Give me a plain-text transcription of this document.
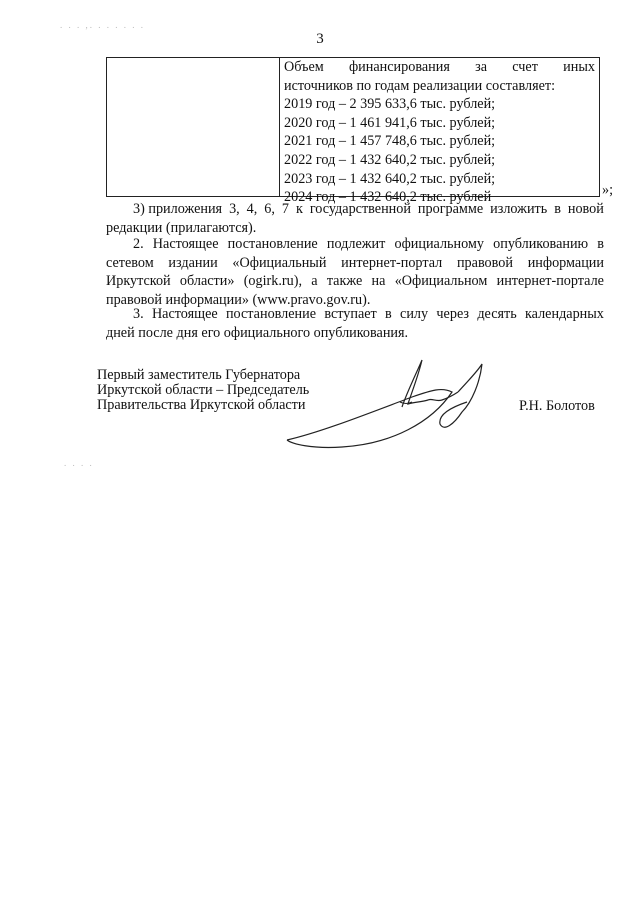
3
. . . ,. . . . . . .
. . . .
Объем финансирования за счет иных
источников по годам реализации составляет:
2019 год – 2 395 633,6 тыс. рублей;
2020 год – 1 461 941,6 тыс. рублей;
2021 год – 1 457 748,6 тыс. рублей;
2022 год – 1 432 640,2 тыс. рублей;
2023 год – 1 432 640,2 тыс. рублей;
2024 год – 1 432 640,2 тыс. рублей	»;
3) приложения 3, 4, 6, 7 к государственной программе изложить в новой
редакции (прилагаются).
2. Настоящее постановление подлежит официальному опубликованию в
сетевом издании «Официальный интернет-портал правовой информации
Иркутской области» (ogirk.ru), а также на «Официальном интернет-портале
правовой информации» (www.pravo.gov.ru).
3. Настоящее постановление вступает в силу через десять календарных
дней после дня его официального опубликования.
Первый заместитель Губернатора
Иркутской области – Председатель
Правительства Иркутской области	Р.Н. Болотов
